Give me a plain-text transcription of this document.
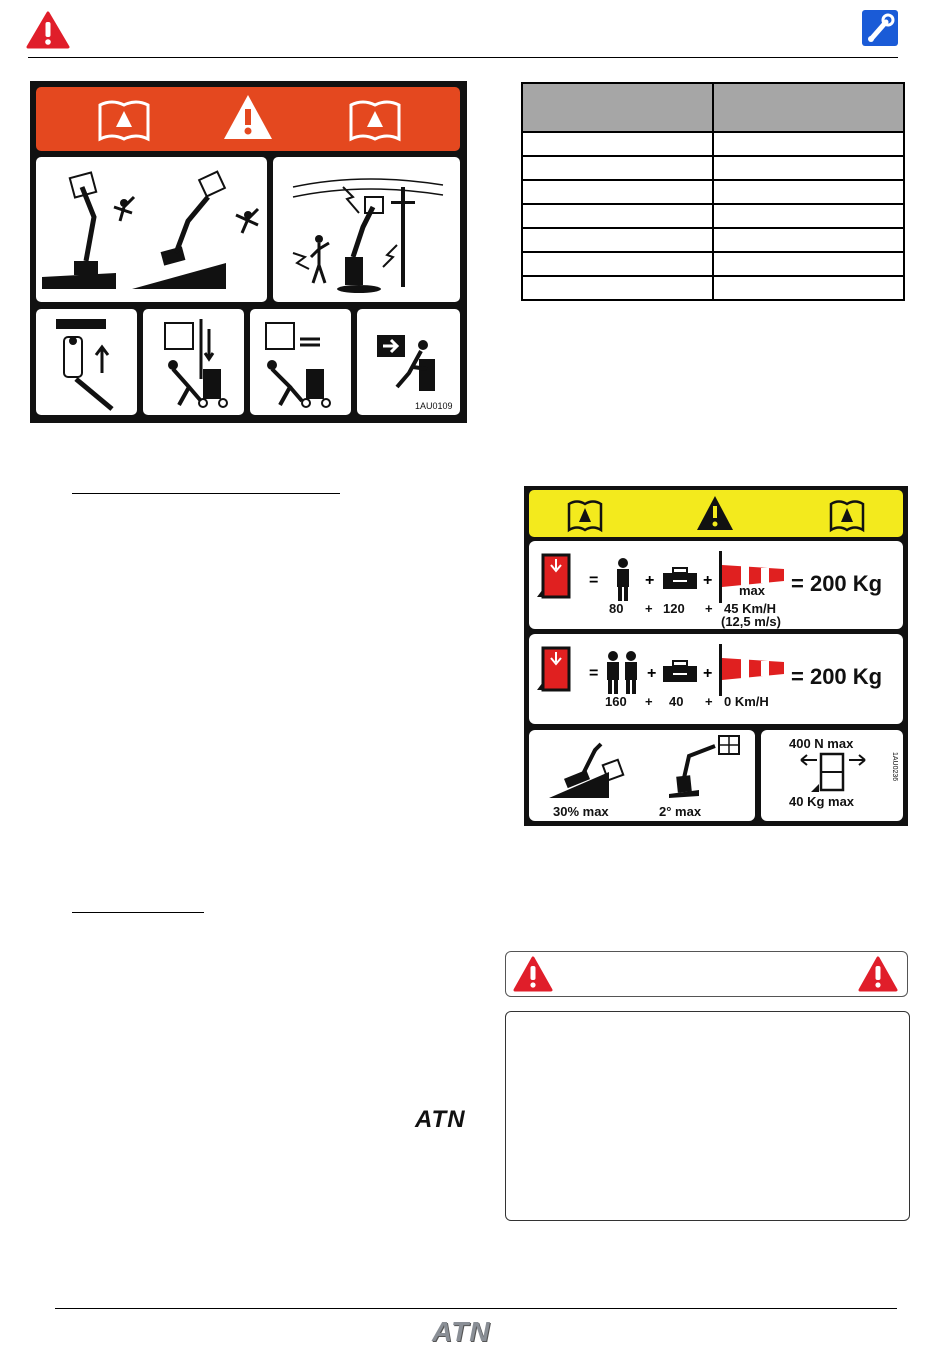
1AU0109

=	+	+
max = 200 Kg
80 + 120 + 45 Km/H
(12,5 m/s)
=	+	+	= 200 Kg
160 + 40 + 0 Km/H
30% max	2° max
400 N max
40 Kg max
1AU0236
ATN
ATN
